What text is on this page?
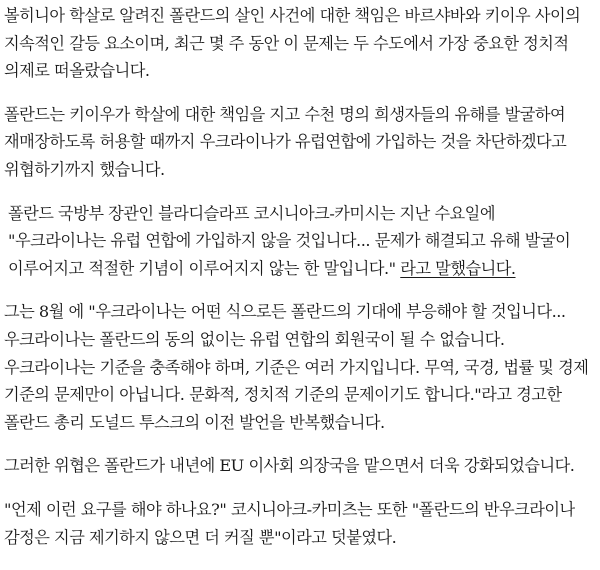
볼히니아 학살로 알려진 폴란드의 살인 사건에 대한 책임은 바르샤바와 키이우 사이의 지속적인 갈등 요소이며, 최근 몇 주 동안 이 문제는 두 수도에서 가장 중요한 정치적 의제로 떠올랐습니다.

폴란드는 키이우가 학살에 대한 책임을 지고 수천 명의 희생자들의 유해를 발굴하여 재매장하도록 허용할 때까지 우크라이나가 유럽연합에 가입하는 것을 차단하겠다고 위협하기까지 했습니다.

폴란드 국방부 장관인 블라디슬라프 코시니아크-카미시는 지난 수요일에 "우크라이나는 유럽 연합에 가입하지 않을 것입니다... 문제가 해결되고 유해 발굴이 이루어지고 적절한 기념이 이루어지지 않는 한 말입니다." 라고 말했습니다.

그는 8월 에 "우크라이나는 어떤 식으로든 폴란드의 기대에 부응해야 할 것입니다... 우크라이나는 폴란드의 동의 없이는 유럽 연합의 회원국이 될 수 없습니다. 우크라이나는 기준을 충족해야 하며, 기준은 여러 가지입니다. 무역, 국경, 법률 및 경제 기준의 문제만이 아닙니다. 문화적, 정치적 기준의 문제이기도 합니다."라고 경고한 폴란드 총리 도널드 투스크의 이전 발언을 반복했습니다.

그러한 위협은 폴란드가 내년에 EU 이사회 의장국을 맡으면서 더욱 강화되었습니다.

"언제 이런 요구를 해야 하나요?" 코시니아크-카미츠는 또한 "폴란드의 반우크라이나 감정은 지금 제기하지 않으면 더 커질 뿐"이라고 덧붙였다.
